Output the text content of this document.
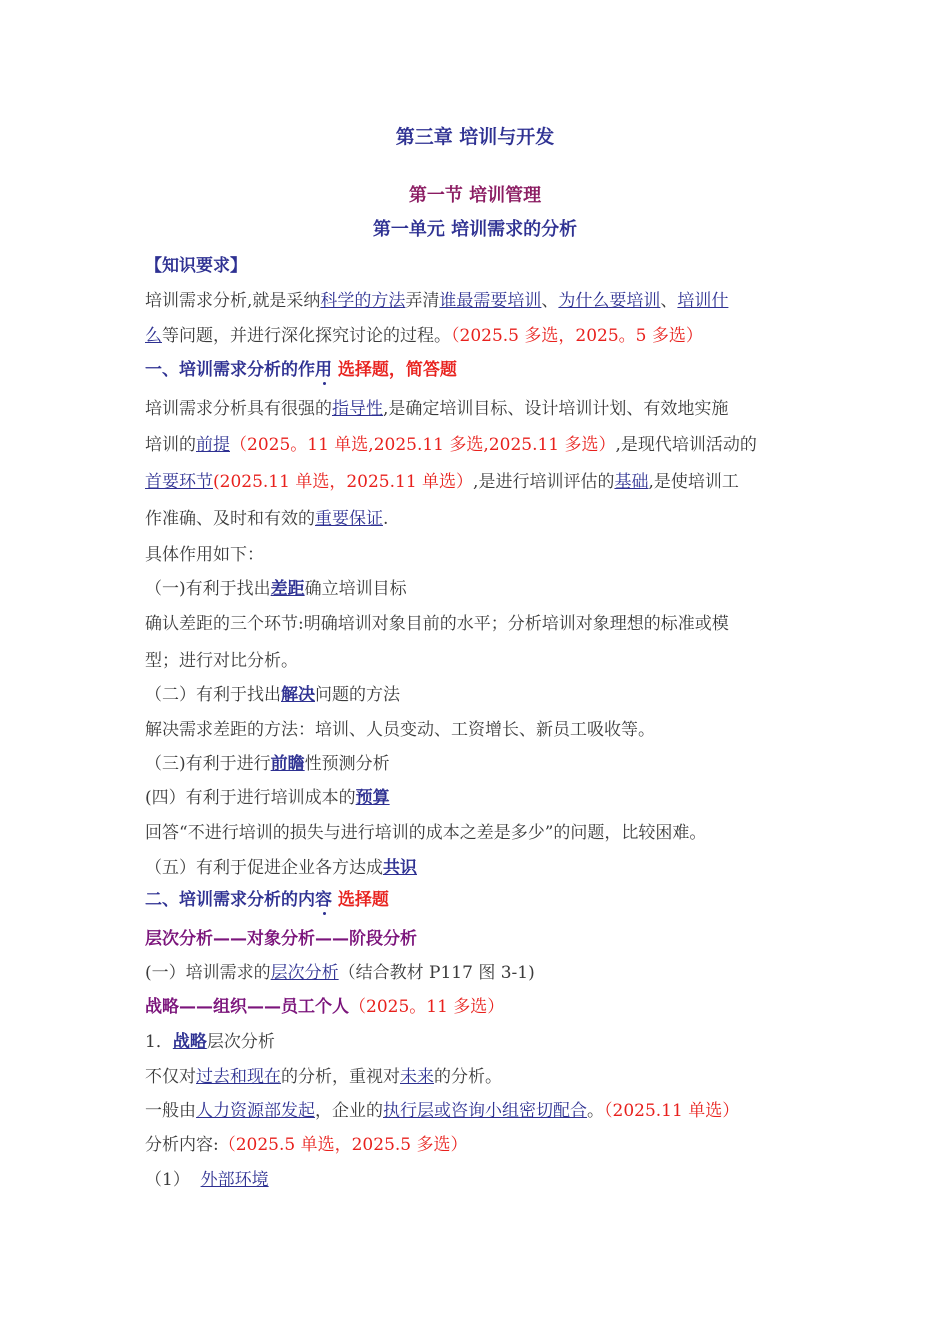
第三章 培训与开发
第一节 培训管理
第一单元 培训需求的分析
【知识要求】
培训需求分析,就是采纳科学的方法弄清谁最需要培训、为什么要培训、培训什
么等问题，并进行深化探究讨论的过程。（2025.5 多选，2025。5 多选）
一、培训需求分析的作用 选择题，简答题
培训需求分析具有很强的指导性,是确定培训目标、设计培训计划、有效地实施
培训的前提（2025。11 单选,2025.11 多选,2025.11 多选）,是现代培训活动的
首要环节(2025.11 单选，2025.11 单选）,是进行培训评估的基础,是使培训工
作准确、及时和有效的重要保证.
具体作用如下：
（一)有利于找出差距确立培训目标
确认差距的三个环节:明确培训对象目前的水平；分析培训对象理想的标准或模
型；进行对比分析。
（二）有利于找出解决问题的方法
解决需求差距的方法：培训、人员变动、工资增长、新员工吸收等。
（三)有利于进行前瞻性预测分析
(四）有利于进行培训成本的预算
回答“不进行培训的损失与进行培训的成本之差是多少”的问题，比较困难。
（五）有利于促进企业各方达成共识
二、培训需求分析的内容 选择题
层次分析——对象分析——阶段分析
(一）培训需求的层次分析（结合教材 P117 图 3-1)
战略——组织——员工个人（2025。11 多选）
1．战略层次分析
不仅对过去和现在的分析，重视对未来的分析。
一般由人力资源部发起，企业的执行层或咨询小组密切配合。（2025.11 单选）
分析内容:（2025.5 单选，2025.5 多选）
（1）  外部环境
